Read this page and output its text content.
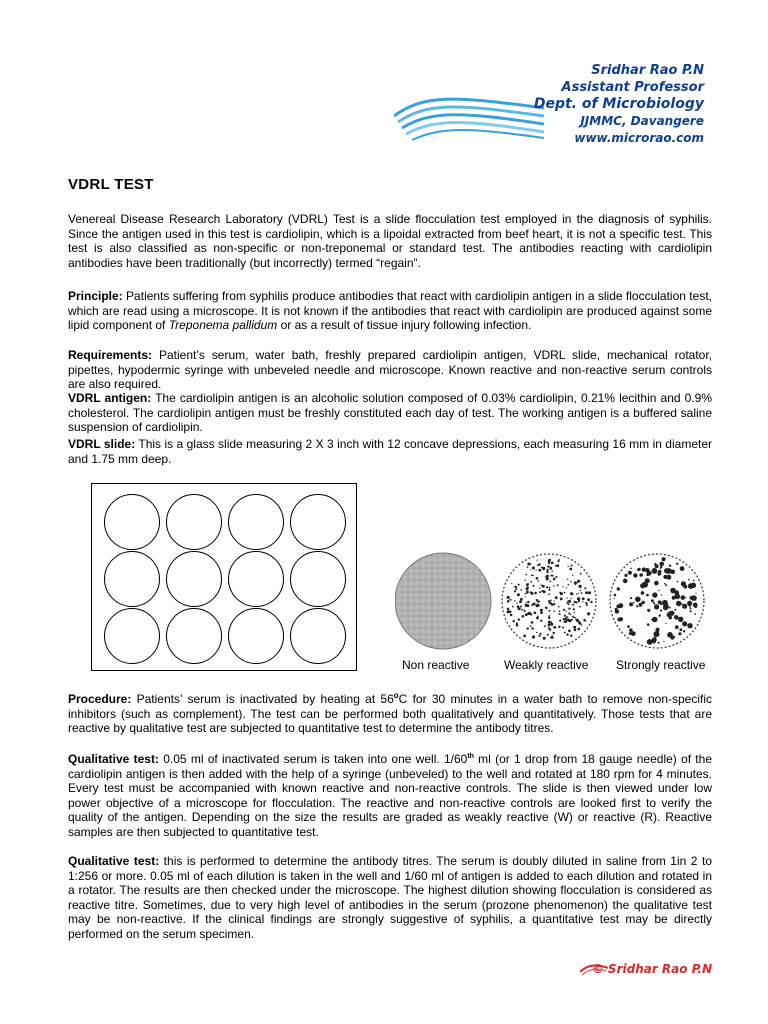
Sridhar Rao P.N
Assistant Professor
Dept. of Microbiology
JJMMC, Davangere
www.microrao.com
VDRL TEST

Venereal Disease Research Laboratory (VDRL) Test is a slide flocculation test employed in the diagnosis of syphilis. Since the antigen used in this test is cardiolipin, which is a lipoidal extracted from beef heart, it is not a specific test. This test is also classified as non-specific or non-treponemal or standard test. The antibodies reacting with cardiolipin antibodies have been traditionally (but incorrectly) termed “regain”.

Principle: Patients suffering from syphilis produce antibodies that react with cardiolipin antigen in a slide flocculation test, which are read using a microscope. It is not known if the antibodies that react with cardiolipin are produced against some lipid component of Treponema pallidum or as a result of tissue injury following infection.

Requirements: Patient’s serum, water bath, freshly prepared cardiolipin antigen, VDRL slide, mechanical rotator, pipettes, hypodermic syringe with unbeveled needle and microscope. Known reactive and non-reactive serum controls are also required.

VDRL antigen: The cardiolipin antigen is an alcoholic solution composed of 0.03% cardiolipin, 0.21% lecithin and 0.9% cholesterol. The cardiolipin antigen must be freshly constituted each day of test. The working antigen is a buffered saline suspension of cardiolipin.

VDRL slide: This is a glass slide measuring 2 X 3 inch with 12 concave depressions, each measuring 16 mm in diameter and 1.75 mm deep.

Non reactive	Weakly reactive Strongly reactive

Procedure: Patients’ serum is inactivated by heating at 56$^o$C for 30 minutes in a water bath to remove non-specific inhibitors (such as complement). The test can be performed both qualitatively and quantitatively. Those tests that are reactive by qualitative test are subjected to quantitative test to determine the antibody titres.

Qualitative test: 0.05 ml of inactivated serum is taken into one well. 1/60th ml (or 1 drop from 18 gauge needle) of the cardiolipin antigen is then added with the help of a syringe (unbeveled) to the well and rotated at 180 rpm for 4 minutes. Every test must be accompanied with known reactive and non-reactive controls. The slide is then viewed under low power objective of a microscope for flocculation. The reactive and non-reactive controls are looked first to verify the quality of the antigen. Depending on the size the results are graded as weakly reactive (W) or reactive (R). Reactive samples are then subjected to quantitative test.

Qualitative test: this is performed to determine the antibody titres. The serum is doubly diluted in saline from 1in 2 to 1:256 or more. 0.05 ml of each dilution is taken in the well and 1/60 ml of antigen is added to each dilution and rotated in a rotator. The results are then checked under the microscope. The highest dilution showing flocculation is considered as reactive titre. Sometimes, due to very high level of antibodies in the serum (prozone phenomenon) the qualitative test may be non-reactive. If the clinical findings are strongly suggestive of syphilis, a quantitative test may be directly performed on the serum specimen.

© Sridhar Rao P.N
